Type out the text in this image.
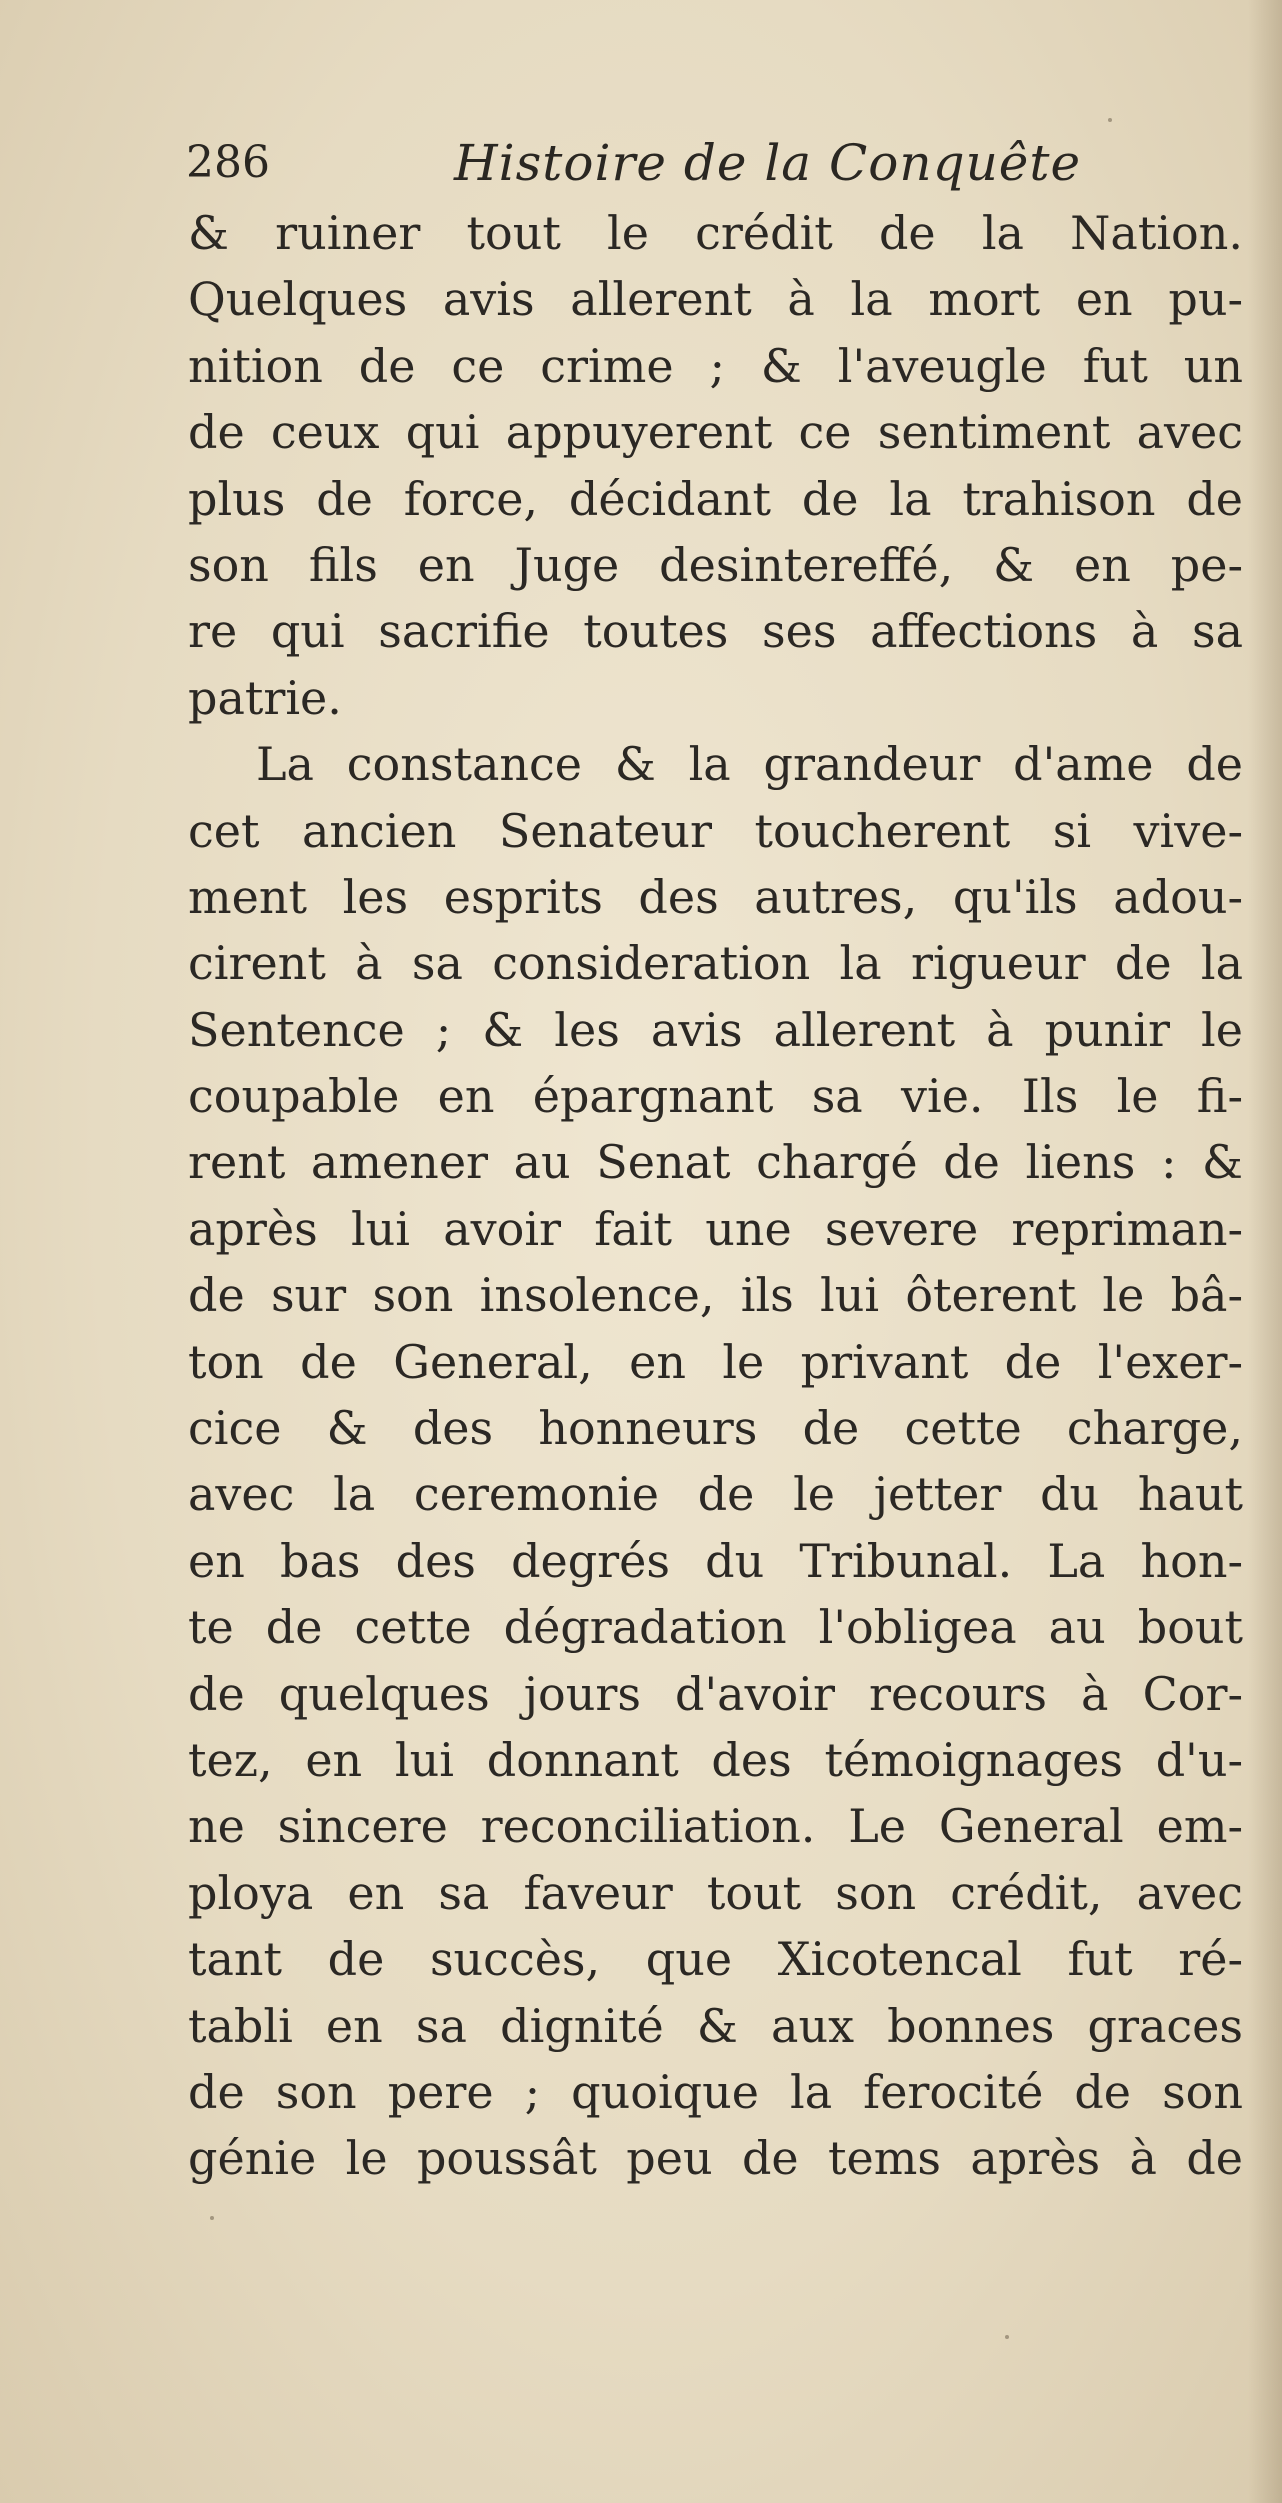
286	Histoire de la Conquête
& ruiner tout le crédit de la Nation.
Quelques avis allerent à la mort en pu-
nition de ce crime ; & l'aveugle fut un
de ceux qui appuyerent ce sentiment avec
plus de force, décidant de la trahison de
son fils en Juge desintereffé, & en pe-
re qui sacrifie toutes ses affections à sa
patrie.
La constance & la grandeur d'ame de
cet ancien Senateur toucherent si vive-
ment les esprits des autres, qu'ils adou-
cirent à sa consideration la rigueur de la
Sentence ; & les avis allerent à punir le
coupable en épargnant sa vie. Ils le fi-
rent amener au Senat chargé de liens : &
après lui avoir fait une severe repriman-
de sur son insolence, ils lui ôterent le bâ-
ton de General, en le privant de l'exer-
cice & des honneurs de cette charge,
avec la ceremonie de le jetter du haut
en bas des degrés du Tribunal. La hon-
te de cette dégradation l'obligea au bout
de quelques jours d'avoir recours à Cor-
tez, en lui donnant des témoignages d'u-
ne sincere reconciliation. Le General em-
ploya en sa faveur tout son crédit, avec
tant de succès, que Xicotencal fut ré-
tabli en sa dignité & aux bonnes graces
de son pere ; quoique la ferocité de son
génie le poussât peu de tems après à de
